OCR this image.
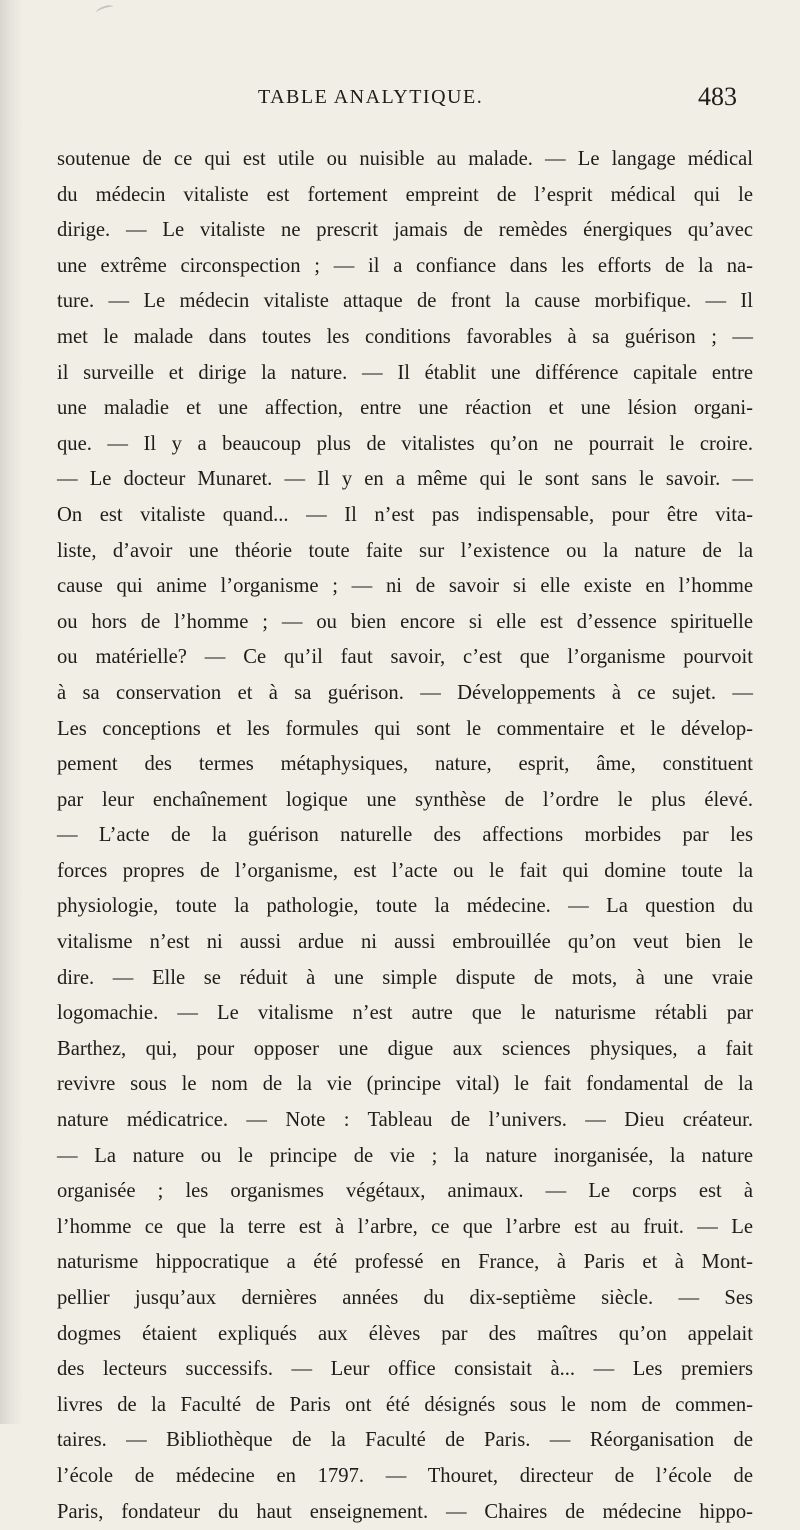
TABLE ANALYTIQUE.	483
soutenue de ce qui est utile ou nuisible au malade. — Le langage médical
du médecin vitaliste est fortement empreint de l’esprit médical qui le
dirige. — Le vitaliste ne prescrit jamais de remèdes énergiques qu’avec
une extrême circonspection ; — il a confiance dans les efforts de la na-
ture. — Le médecin vitaliste attaque de front la cause morbifique. — Il
met le malade dans toutes les conditions favorables à sa guérison ; —
il surveille et dirige la nature. — Il établit une différence capitale entre
une maladie et une affection, entre une réaction et une lésion organi-
que. — Il y a beaucoup plus de vitalistes qu’on ne pourrait le croire.
— Le docteur Munaret. — Il y en a même qui le sont sans le savoir. —
On est vitaliste quand... — Il n’est pas indispensable, pour être vita-
liste, d’avoir une théorie toute faite sur l’existence ou la nature de la
cause qui anime l’organisme ; — ni de savoir si elle existe en l’homme
ou hors de l’homme ; — ou bien encore si elle est d’essence spirituelle
ou matérielle? — Ce qu’il faut savoir, c’est que l’organisme pourvoit
à sa conservation et à sa guérison. — Développements à ce sujet. —
Les conceptions et les formules qui sont le commentaire et le dévelop-
pement des termes métaphysiques, nature, esprit, âme, constituent
par leur enchaînement logique une synthèse de l’ordre le plus élevé.
— L’acte de la guérison naturelle des affections morbides par les
forces propres de l’organisme, est l’acte ou le fait qui domine toute la
physiologie, toute la pathologie, toute la médecine. — La question du
vitalisme n’est ni aussi ardue ni aussi embrouillée qu’on veut bien le
dire. — Elle se réduit à une simple dispute de mots, à une vraie
logomachie. — Le vitalisme n’est autre que le naturisme rétabli par
Barthez, qui, pour opposer une digue aux sciences physiques, a fait
revivre sous le nom de la vie (principe vital) le fait fondamental de la
nature médicatrice. — Note : Tableau de l’univers. — Dieu créateur.
— La nature ou le principe de vie ; la nature inorganisée, la nature
organisée ; les organismes végétaux, animaux. — Le corps est à
l’homme ce que la terre est à l’arbre, ce que l’arbre est au fruit. — Le
naturisme hippocratique a été professé en France, à Paris et à Mont-
pellier jusqu’aux dernières années du dix-septième siècle. — Ses
dogmes étaient expliqués aux élèves par des maîtres qu’on appelait
des lecteurs successifs. — Leur office consistait à... — Les premiers
livres de la Faculté de Paris ont été désignés sous le nom de commen-
taires. — Bibliothèque de la Faculté de Paris. — Réorganisation de
l’école de médecine en 1797. — Thouret, directeur de l’école de
Paris, fondateur du haut enseignement. — Chaires de médecine hippo-
